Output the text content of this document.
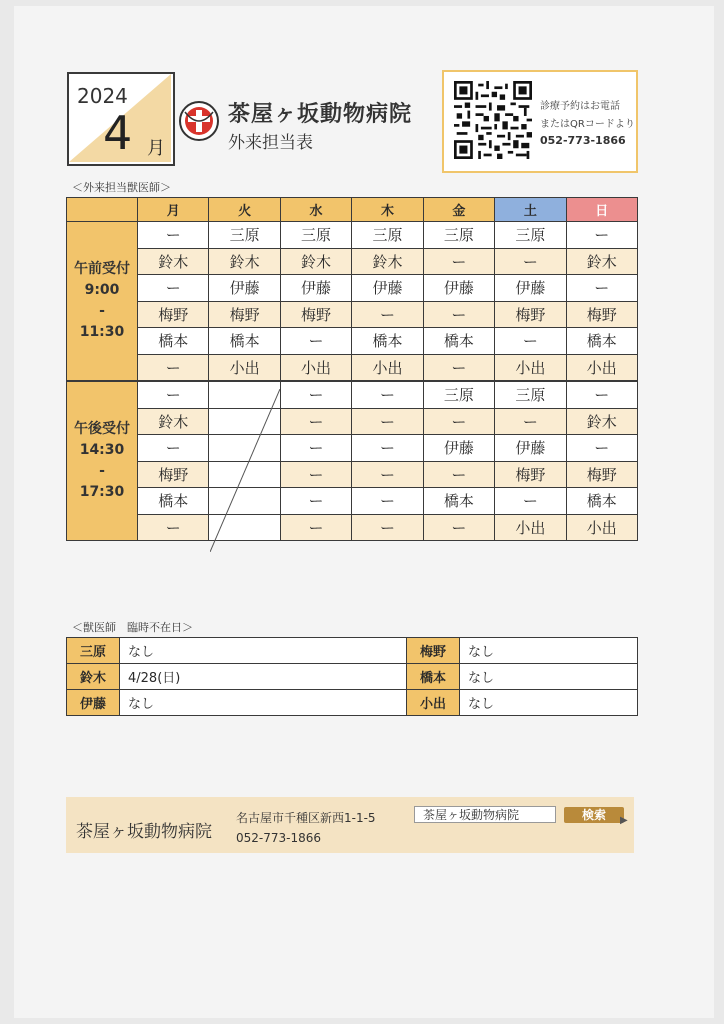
2024
4 月
茶屋ヶ坂動物病院
外来担当表
診療予約はお電話
またはQRコードより
052-773-1866
＜外来担当獣医師＞
	月	火	水	木	金	土	日

午前受付
9:00
-
11:30	ー	三原	三原	三原	三原	三原	ー
	鈴木	鈴木	鈴木	鈴木	ー	ー	鈴木
	ー	伊藤	伊藤	伊藤	伊藤	伊藤	ー
	梅野	梅野	梅野	ー	ー	梅野	梅野
	橋本	橋本	ー	橋本	橋本	ー	橋本
	ー	小出	小出	小出	ー	小出	小出

午後受付
14:30
-
17:30	ー		ー	ー	三原	三原	ー
	鈴木		ー	ー	ー	ー	鈴木
	ー		ー	ー	伊藤	伊藤	ー
	梅野		ー	ー	ー	梅野	梅野
	橋本		ー	ー	橋本	ー	橋本
	ー		ー	ー	ー	小出	小出
＜獣医師　臨時不在日＞
三原	なし	梅野	なし
鈴木	4/28(日)	橋本	なし
伊藤	なし	小出	なし
茶屋ヶ坂動物病院
名古屋市千種区新西1-1-5
052-773-1866
茶屋ヶ坂動物病院	検索	▶
